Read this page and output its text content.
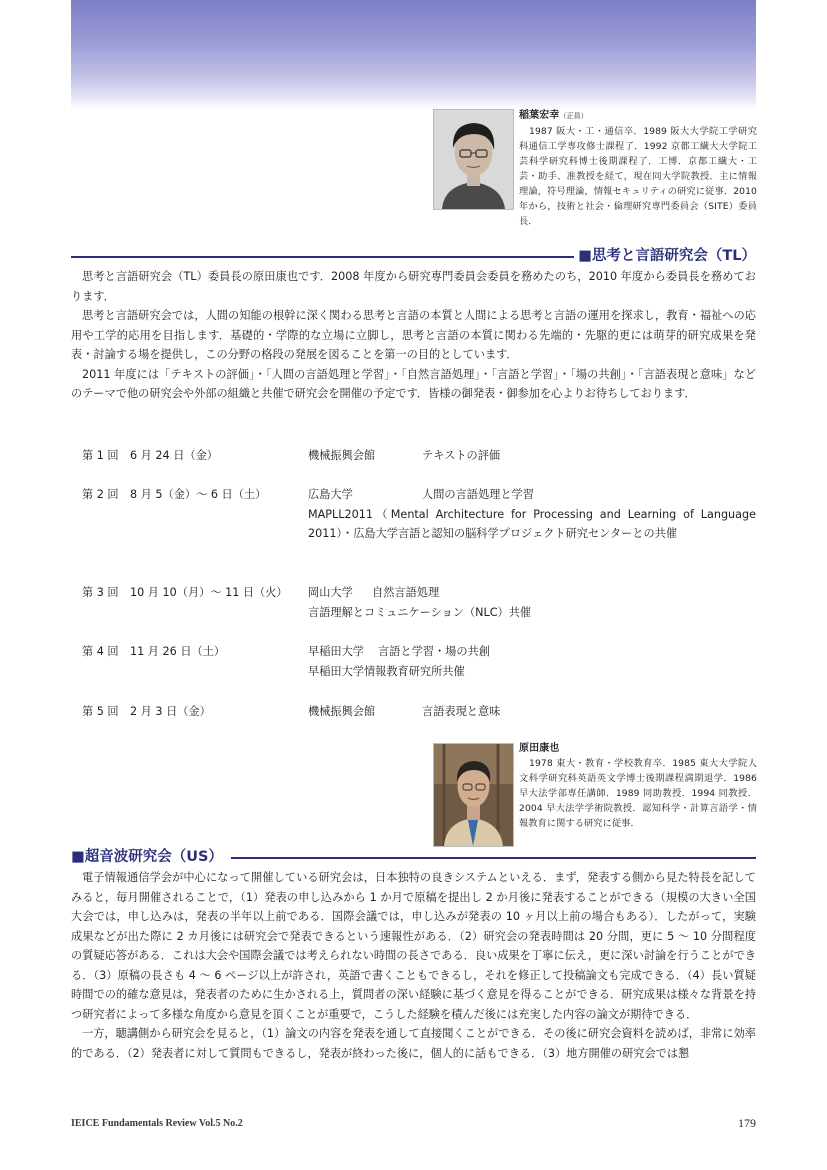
稲葉宏幸（正員）

1987 阪大・工・通信卒．1989 阪大大学院工学研究科通信工学専攻修士課程了．1992 京都工繊大大学院工芸科学研究科博士後期課程了．工博．京都工繊大・工芸・助手、准教授を経て，現在同大学院教授．主に情報理論，符号理論，情報セキュリティの研究に従事．2010 年から，技術と社会・倫理研究専門委員会（SITE）委員長．

■思考と言語研究会（TL）

思考と言語研究会（TL）委員長の原田康也です．2008 年度から研究専門委員会委員を務めたのち，2010 年度から委員長を務めております．

思考と言語研究会では，人間の知能の根幹に深く関わる思考と言語の本質と人間による思考と言語の運用を探求し，教育・福祉への応用や工学的応用を目指します．基礎的・学際的な立場に立脚し，思考と言語の本質に関わる先端的・先駆的更には萌芽的研究成果を発表・討論する場を提供し，この分野の格段の発展を図ることを第一の目的としています．

2011 年度には「テキストの評価」・「人間の言語処理と学習」・「自然言語処理」・「言語と学習」・「場の共創」・「言語表現と意味」などのテーマで他の研究会や外部の組織と共催で研究会を開催の予定です．皆様の御発表・御参加を心よりお待ちしております．

第 1 回 6 月 24 日（金）	機械振興会館	テキストの評価
第 2 回 8 月 5（金）〜 6 日（土）	広島大学	人間の言語処理と学習
MAPLL2011（Mental Architecture for Processing and Learning of Language 2011）・広島大学言語と認知の脳科学プロジェクト研究センターとの共催
第 3 回 10 月 10（月）〜 11 日（火） 岡山大学 自然言語処理
言語理解とコミュニケーション（NLC）共催
第 4 回 11 月 26 日（土）	早稲田大学 言語と学習・場の共創
早稲田大学情報教育研究所共催
第 5 回 2 月 3 日（金）	機械振興会館	言語表現と意味
原田康也

1978 東大・教育・学校教育卒．1985 東大大学院人文科学研究科英語英文学博士後期課程満期退学．1986 早大法学部専任講師．1989 同助教授．1994 同教授．2004 早大法学学術院教授．認知科学・計算言語学・情報教育に関する研究に従事．

■超音波研究会（US）

電子情報通信学会が中心になって開催している研究会は，日本独特の良きシステムといえる．まず，発表する側から見た特長を記してみると，毎月開催されることで，（1）発表の申し込みから 1 か月で原稿を提出し 2 か月後に発表することができる（規模の大きい全国大会では，申し込みは，発表の半年以上前である．国際会議では，申し込みが発表の 10 ヶ月以上前の場合もある）．したがって，実験成果などが出た際に 2 カ月後には研究会で発表できるという速報性がある．（2）研究会の発表時間は 20 分間，更に 5 〜 10 分間程度の質疑応答がある．これは大会や国際会議では考えられない時間の長さである．良い成果を丁寧に伝え，更に深い討論を行うことができる．（3）原稿の長さも 4 〜 6 ページ以上が許され，英語で書くこともできるし，それを修正して投稿論文も完成できる．（4）長い質疑時間での的確な意見は，発表者のために生かされる上，質問者の深い経験に基づく意見を得ることができる．研究成果は様々な背景を持つ研究者によって多様な角度から意見を頂くことが重要で，こうした経験を積んだ後には充実した内容の論文が期待できる．

一方，聴講側から研究会を見ると，（1）論文の内容を発表を通して直接聞くことができる．その後に研究会資料を読めば，非常に効率的である．（2）発表者に対して質問もできるし，発表が終わった後に，個人的に話もできる．（3）地方開催の研究会では懇

IEICE Fundamentals Review Vol.5 No.2	179
